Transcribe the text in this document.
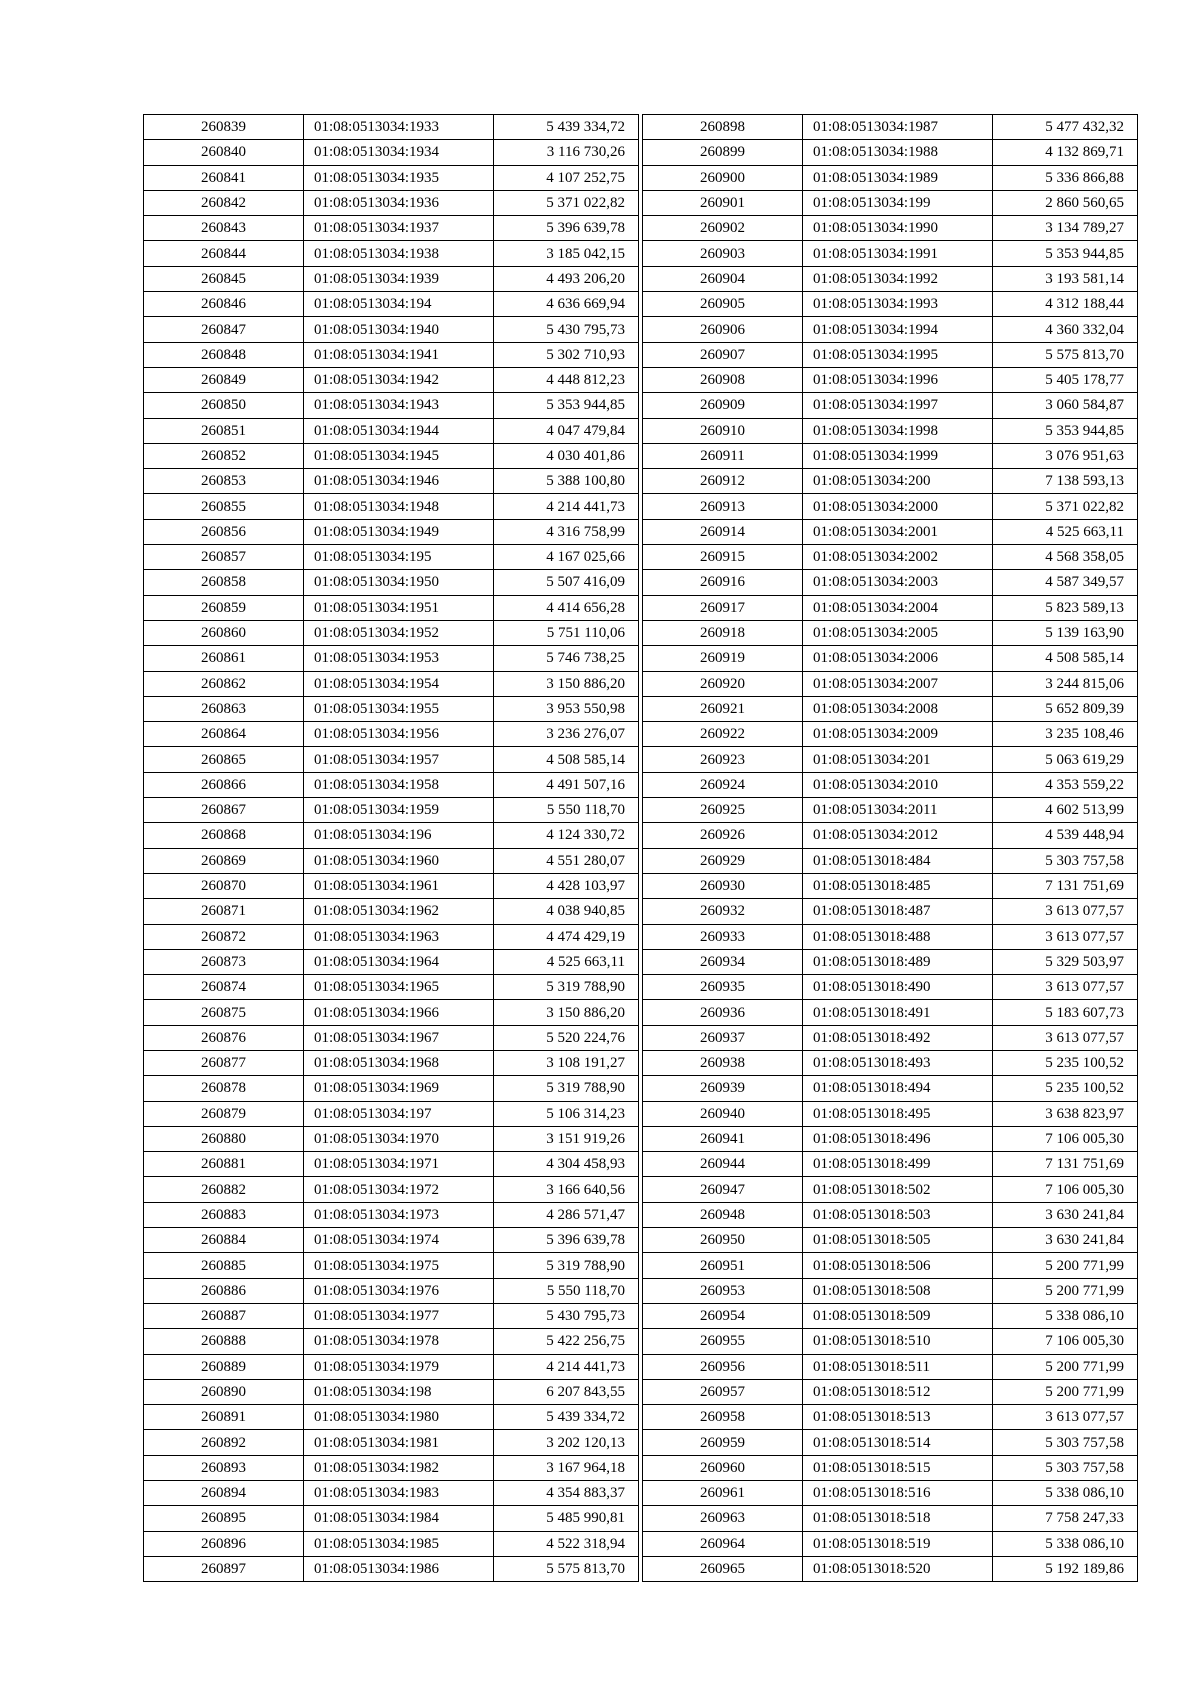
260839	01:08:0513034:1933	5 439 334,72
260840	01:08:0513034:1934	3 116 730,26
260841	01:08:0513034:1935	4 107 252,75
260842	01:08:0513034:1936	5 371 022,82
260843	01:08:0513034:1937	5 396 639,78
260844	01:08:0513034:1938	3 185 042,15
260845	01:08:0513034:1939	4 493 206,20
260846	01:08:0513034:194	4 636 669,94
260847	01:08:0513034:1940	5 430 795,73
260848	01:08:0513034:1941	5 302 710,93
260849	01:08:0513034:1942	4 448 812,23
260850	01:08:0513034:1943	5 353 944,85
260851	01:08:0513034:1944	4 047 479,84
260852	01:08:0513034:1945	4 030 401,86
260853	01:08:0513034:1946	5 388 100,80
260855	01:08:0513034:1948	4 214 441,73
260856	01:08:0513034:1949	4 316 758,99
260857	01:08:0513034:195	4 167 025,66
260858	01:08:0513034:1950	5 507 416,09
260859	01:08:0513034:1951	4 414 656,28
260860	01:08:0513034:1952	5 751 110,06
260861	01:08:0513034:1953	5 746 738,25
260862	01:08:0513034:1954	3 150 886,20
260863	01:08:0513034:1955	3 953 550,98
260864	01:08:0513034:1956	3 236 276,07
260865	01:08:0513034:1957	4 508 585,14
260866	01:08:0513034:1958	4 491 507,16
260867	01:08:0513034:1959	5 550 118,70
260868	01:08:0513034:196	4 124 330,72
260869	01:08:0513034:1960	4 551 280,07
260870	01:08:0513034:1961	4 428 103,97
260871	01:08:0513034:1962	4 038 940,85
260872	01:08:0513034:1963	4 474 429,19
260873	01:08:0513034:1964	4 525 663,11
260874	01:08:0513034:1965	5 319 788,90
260875	01:08:0513034:1966	3 150 886,20
260876	01:08:0513034:1967	5 520 224,76
260877	01:08:0513034:1968	3 108 191,27
260878	01:08:0513034:1969	5 319 788,90
260879	01:08:0513034:197	5 106 314,23
260880	01:08:0513034:1970	3 151 919,26
260881	01:08:0513034:1971	4 304 458,93
260882	01:08:0513034:1972	3 166 640,56
260883	01:08:0513034:1973	4 286 571,47
260884	01:08:0513034:1974	5 396 639,78
260885	01:08:0513034:1975	5 319 788,90
260886	01:08:0513034:1976	5 550 118,70
260887	01:08:0513034:1977	5 430 795,73
260888	01:08:0513034:1978	5 422 256,75
260889	01:08:0513034:1979	4 214 441,73
260890	01:08:0513034:198	6 207 843,55
260891	01:08:0513034:1980	5 439 334,72
260892	01:08:0513034:1981	3 202 120,13
260893	01:08:0513034:1982	3 167 964,18
260894	01:08:0513034:1983	4 354 883,37
260895	01:08:0513034:1984	5 485 990,81
260896	01:08:0513034:1985	4 522 318,94
260897	01:08:0513034:1986	5 575 813,70
260898	01:08:0513034:1987	5 477 432,32
260899	01:08:0513034:1988	4 132 869,71
260900	01:08:0513034:1989	5 336 866,88
260901	01:08:0513034:199	2 860 560,65
260902	01:08:0513034:1990	3 134 789,27
260903	01:08:0513034:1991	5 353 944,85
260904	01:08:0513034:1992	3 193 581,14
260905	01:08:0513034:1993	4 312 188,44
260906	01:08:0513034:1994	4 360 332,04
260907	01:08:0513034:1995	5 575 813,70
260908	01:08:0513034:1996	5 405 178,77
260909	01:08:0513034:1997	3 060 584,87
260910	01:08:0513034:1998	5 353 944,85
260911	01:08:0513034:1999	3 076 951,63
260912	01:08:0513034:200	7 138 593,13
260913	01:08:0513034:2000	5 371 022,82
260914	01:08:0513034:2001	4 525 663,11
260915	01:08:0513034:2002	4 568 358,05
260916	01:08:0513034:2003	4 587 349,57
260917	01:08:0513034:2004	5 823 589,13
260918	01:08:0513034:2005	5 139 163,90
260919	01:08:0513034:2006	4 508 585,14
260920	01:08:0513034:2007	3 244 815,06
260921	01:08:0513034:2008	5 652 809,39
260922	01:08:0513034:2009	3 235 108,46
260923	01:08:0513034:201	5 063 619,29
260924	01:08:0513034:2010	4 353 559,22
260925	01:08:0513034:2011	4 602 513,99
260926	01:08:0513034:2012	4 539 448,94
260929	01:08:0513018:484	5 303 757,58
260930	01:08:0513018:485	7 131 751,69
260932	01:08:0513018:487	3 613 077,57
260933	01:08:0513018:488	3 613 077,57
260934	01:08:0513018:489	5 329 503,97
260935	01:08:0513018:490	3 613 077,57
260936	01:08:0513018:491	5 183 607,73
260937	01:08:0513018:492	3 613 077,57
260938	01:08:0513018:493	5 235 100,52
260939	01:08:0513018:494	5 235 100,52
260940	01:08:0513018:495	3 638 823,97
260941	01:08:0513018:496	7 106 005,30
260944	01:08:0513018:499	7 131 751,69
260947	01:08:0513018:502	7 106 005,30
260948	01:08:0513018:503	3 630 241,84
260950	01:08:0513018:505	3 630 241,84
260951	01:08:0513018:506	5 200 771,99
260953	01:08:0513018:508	5 200 771,99
260954	01:08:0513018:509	5 338 086,10
260955	01:08:0513018:510	7 106 005,30
260956	01:08:0513018:511	5 200 771,99
260957	01:08:0513018:512	5 200 771,99
260958	01:08:0513018:513	3 613 077,57
260959	01:08:0513018:514	5 303 757,58
260960	01:08:0513018:515	5 303 757,58
260961	01:08:0513018:516	5 338 086,10
260963	01:08:0513018:518	7 758 247,33
260964	01:08:0513018:519	5 338 086,10
260965	01:08:0513018:520	5 192 189,86
